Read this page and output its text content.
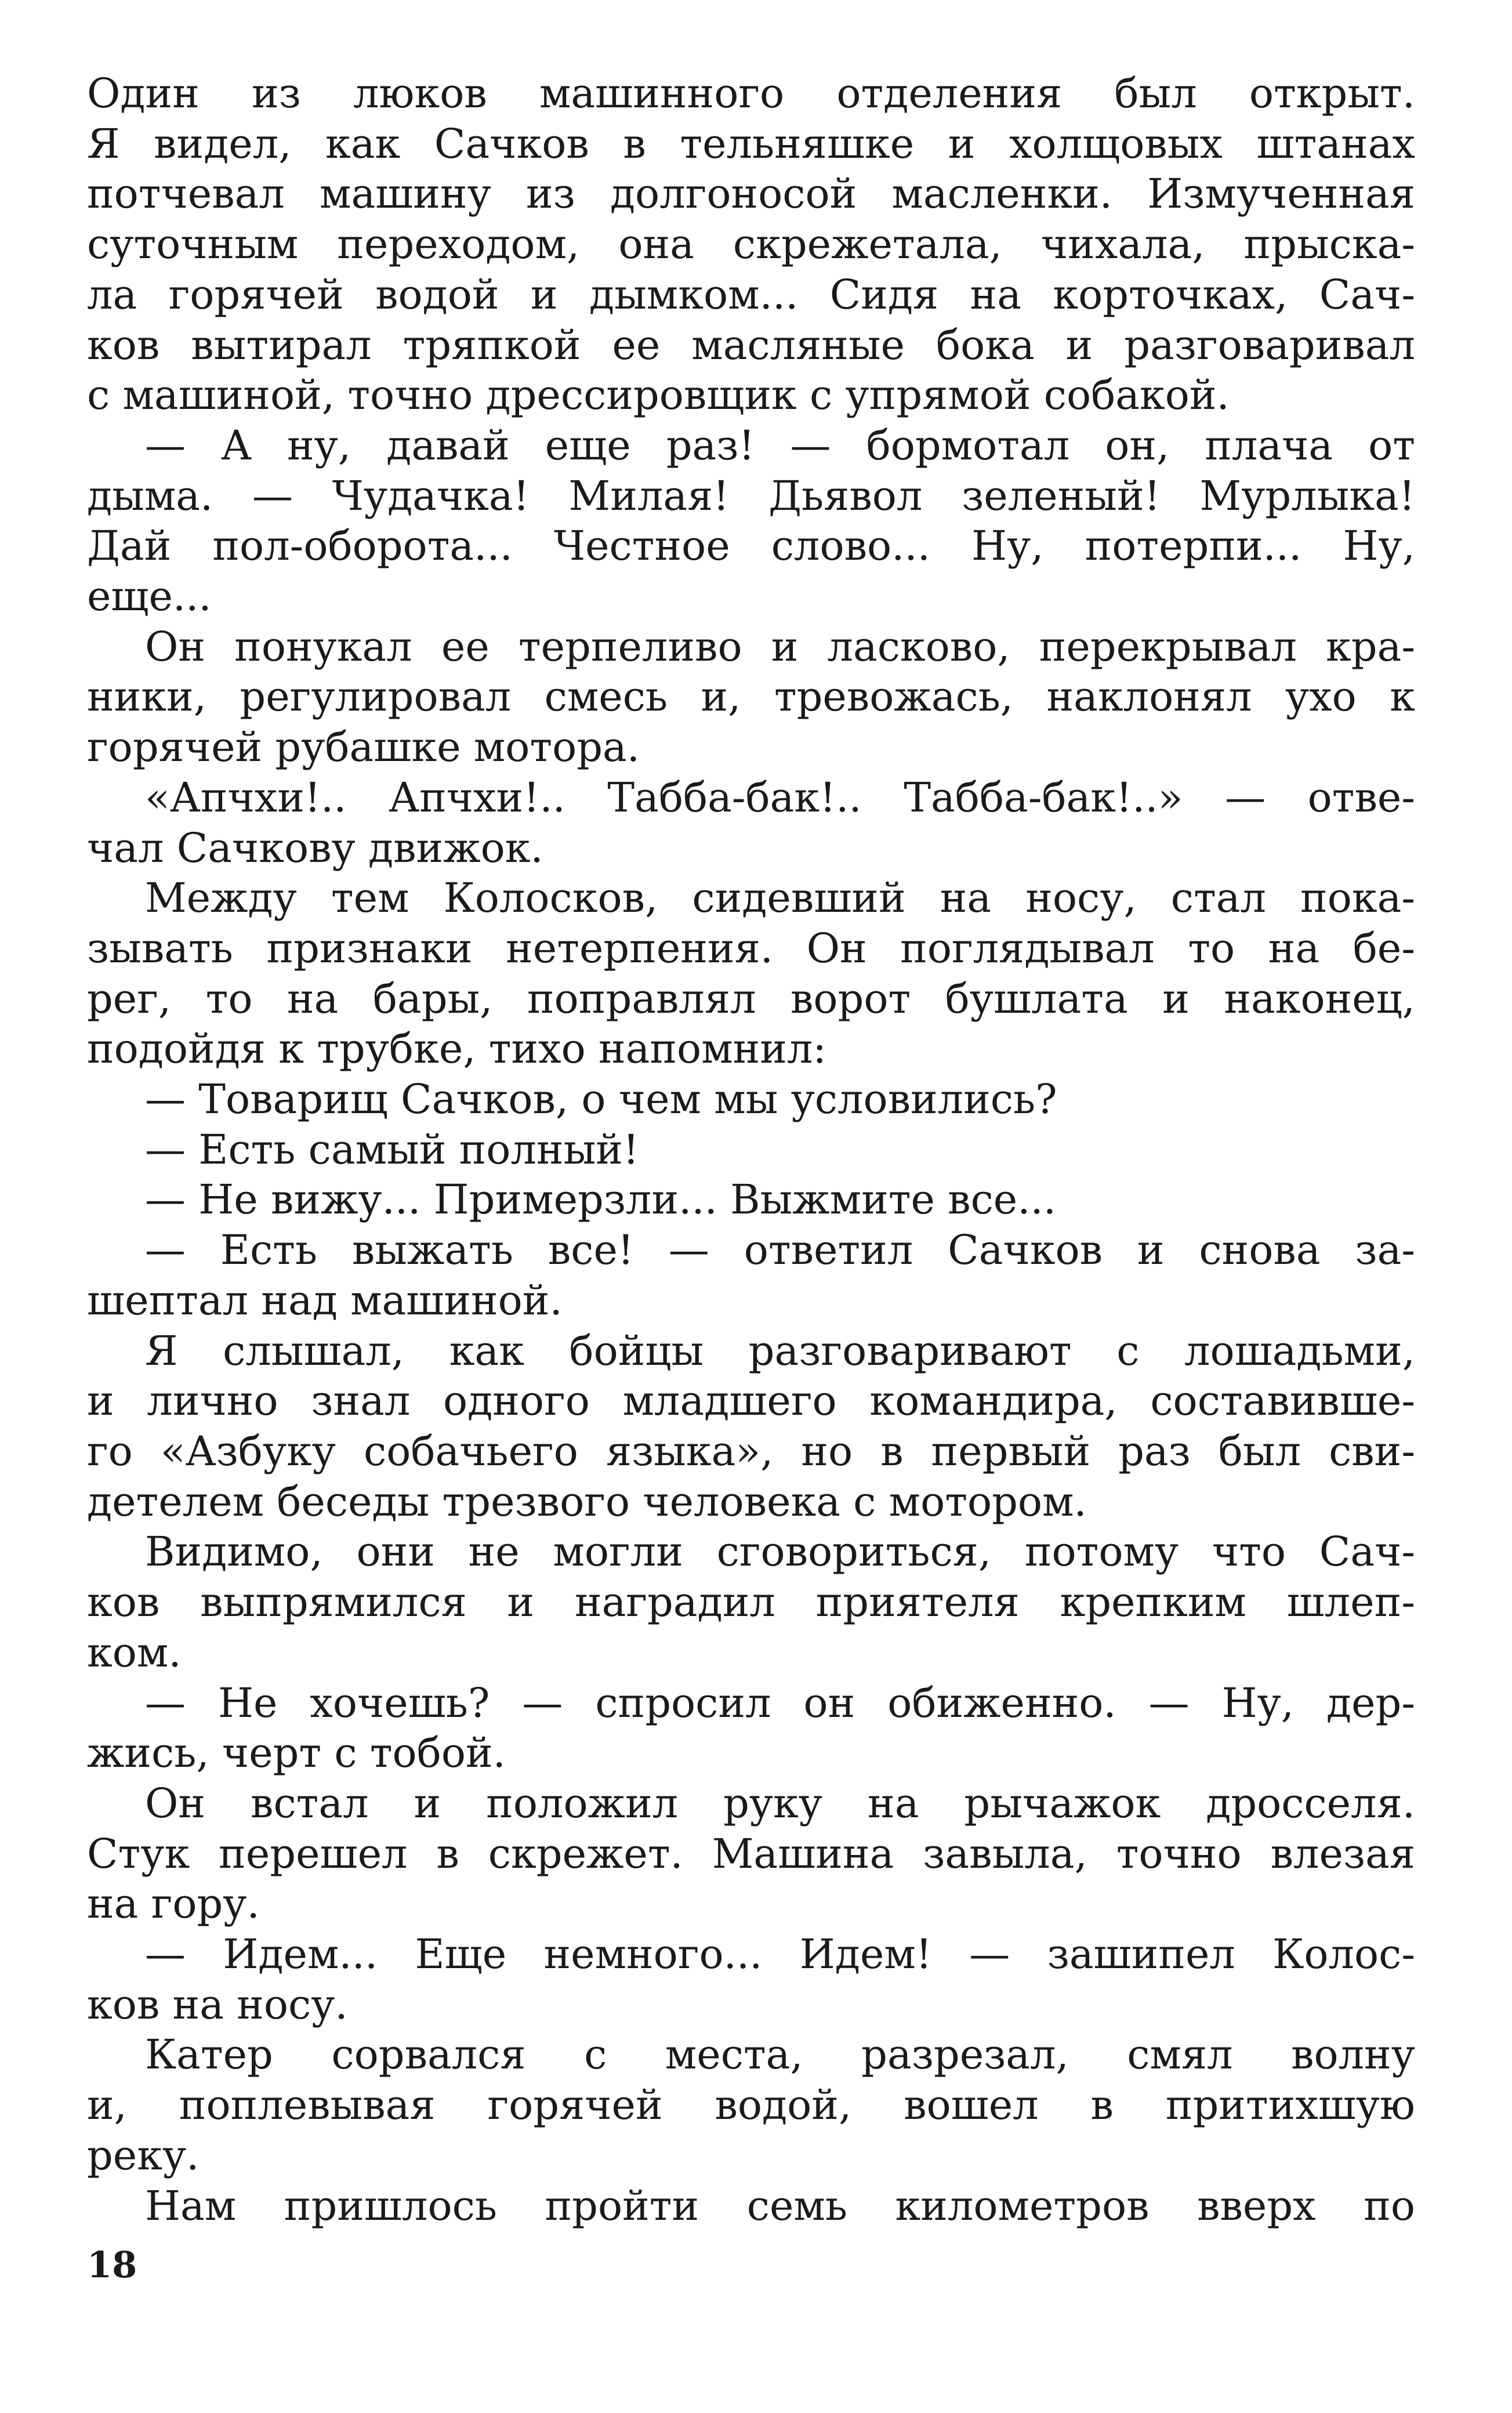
Один из люков машинного отделения был открыт.
Я видел, как Сачков в тельняшке и холщовых штанах
потчевал машину из долгоносой масленки. Измученная
суточным переходом, она скрежетала, чихала, прыска-
ла горячей водой и дымком... Сидя на корточках, Сач-
ков вытирал тряпкой ее масляные бока и разговаривал
с машиной, точно дрессировщик с упрямой собакой.
— А ну, давай еще раз! — бормотал он, плача от
дыма. — Чудачка! Милая! Дьявол зеленый! Мурлыка!
Дай пол-оборота... Честное слово... Ну, потерпи... Ну,
еще...
Он понукал ее терпеливо и ласково, перекрывал кра-
ники, регулировал смесь и, тревожась, наклонял ухо к
горячей рубашке мотора.
«Апчхи!.. Апчхи!.. Табба-бак!.. Табба-бак!..» — отве-
чал Сачкову движок.
Между тем Колосков, сидевший на носу, стал пока-
зывать признаки нетерпения. Он поглядывал то на бе-
рег, то на бары, поправлял ворот бушлата и наконец,
подойдя к трубке, тихо напомнил:
— Товарищ Сачков, о чем мы условились?
— Есть самый полный!
— Не вижу... Примерзли... Выжмите все...
— Есть выжать все! — ответил Сачков и снова за-
шептал над машиной.
Я слышал, как бойцы разговаривают с лошадьми,
и лично знал одного младшего командира, составивше-
го «Азбуку собачьего языка», но в первый раз был сви-
детелем беседы трезвого человека с мотором.
Видимо, они не могли сговориться, потому что Сач-
ков выпрямился и наградил приятеля крепким шлеп-
ком.
— Не хочешь? — спросил он обиженно. — Ну, дер-
жись, черт с тобой.
Он встал и положил руку на рычажок дросселя.
Стук перешел в скрежет. Машина завыла, точно влезая
на гору.
— Идем... Еще немного... Идем! — зашипел Колос-
ков на носу.
Катер сорвался с места, разрезал, смял волну
и, поплевывая горячей водой, вошел в притихшую
реку.
Нам пришлось пройти семь километров вверх по

18
